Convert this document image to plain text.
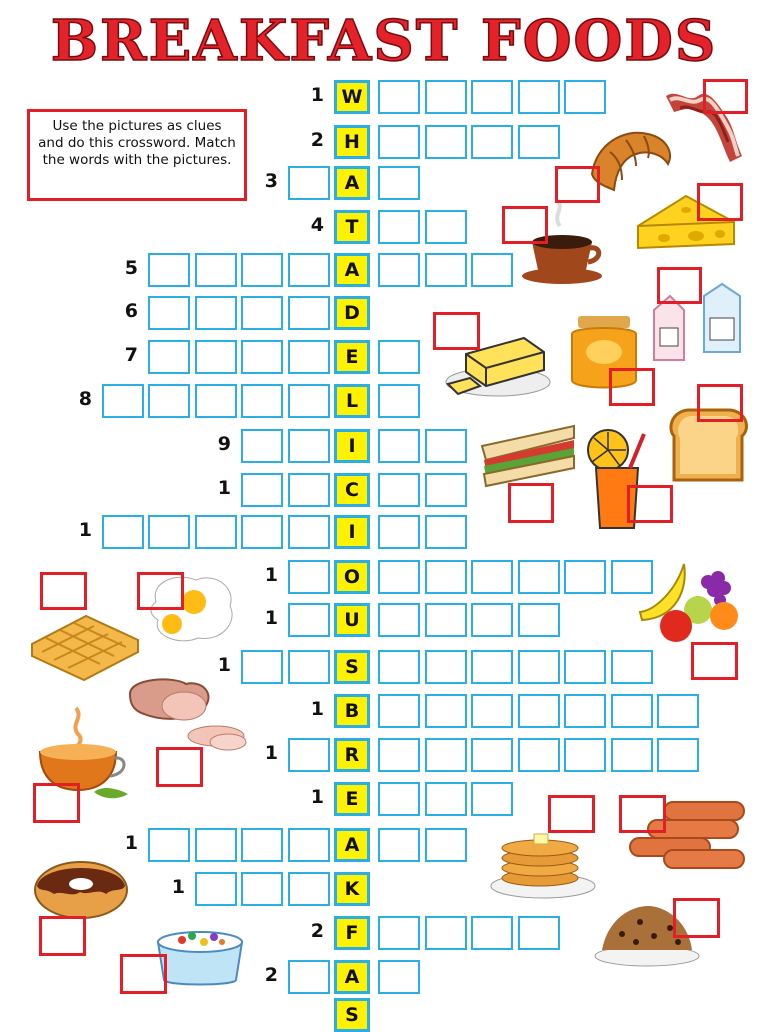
BREAKFAST FOODS
Use the pictures as clues and do this crossword. Match the words with the pictures.
W
1
H
2
A
3
T
4
A
5
D
6
E
7
L
8
I
9
C
1
I
1
O
1
U
1
S
1
B
1
R
1
E
1
A
1
K
1
F
2
A
2
S
